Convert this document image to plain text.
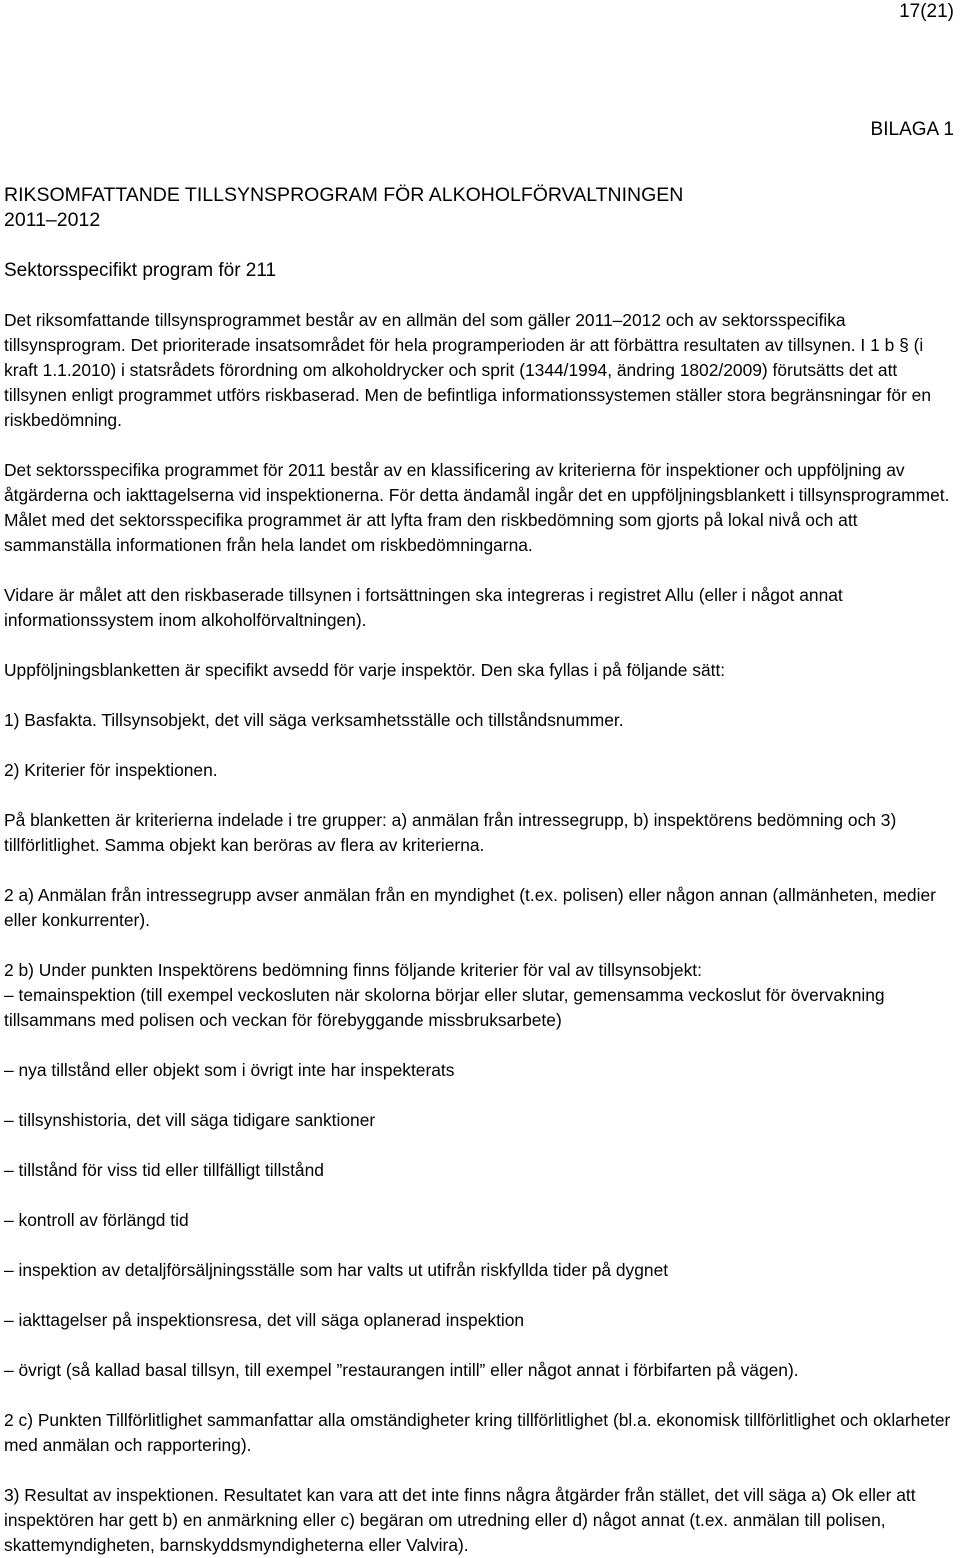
17(21)

BILAGA 1

RIKSOMFATTANDE TILLSYNSPROGRAM FÖR ALKOHOLFÖRVALTNINGEN
2011–2012
Sektorsspecifikt program för 211

Det riksomfattande tillsynsprogrammet består av en allmän del som gäller 2011–2012 och av sektorsspecifika tillsynsprogram. Det prioriterade insatsområdet för hela programperioden är att förbättra resultaten av tillsynen. I 1 b § (i kraft 1.1.2010) i statsrådets förordning om alkoholdrycker och sprit (1344/1994, ändring 1802/2009) förutsätts det att tillsynen enligt programmet utförs riskbaserad. Men de befintliga informationssystemen ställer stora begränsningar för en riskbedömning.

Det sektorsspecifika programmet för 2011 består av en klassificering av kriterierna för inspektioner och uppföljning av åtgärderna och iakttagelserna vid inspektionerna. För detta ändamål ingår det en uppföljningsblankett i tillsynsprogrammet. Målet med det sektorsspecifika programmet är att lyfta fram den riskbedömning som gjorts på lokal nivå och att sammanställa informationen från hela landet om riskbedömningarna.

Vidare är målet att den riskbaserade tillsynen i fortsättningen ska integreras i registret Allu (eller i något annat informationssystem inom alkoholförvaltningen).

Uppföljningsblanketten är specifikt avsedd för varje inspektör. Den ska fyllas i på följande sätt:

1) Basfakta. Tillsynsobjekt, det vill säga verksamhetsställe och tillståndsnummer.

2) Kriterier för inspektionen.

På blanketten är kriterierna indelade i tre grupper: a) anmälan från intressegrupp, b) inspektörens bedömning och 3) tillförlitlighet. Samma objekt kan beröras av flera av kriterierna.

2 a) Anmälan från intressegrupp avser anmälan från en myndighet (t.ex. polisen) eller någon annan (allmänheten, medier eller konkurrenter).

2 b) Under punkten Inspektörens bedömning finns följande kriterier för val av tillsynsobjekt:

– temainspektion (till exempel veckosluten när skolorna börjar eller slutar, gemensamma veckoslut för övervakning tillsammans med polisen och veckan för förebyggande missbruksarbete)

– nya tillstånd eller objekt som i övrigt inte har inspekterats

– tillsynshistoria, det vill säga tidigare sanktioner

– tillstånd för viss tid eller tillfälligt tillstånd

– kontroll av förlängd tid

– inspektion av detaljförsäljningsställe som har valts ut utifrån riskfyllda tider på dygnet

– iakttagelser på inspektionsresa, det vill säga oplanerad inspektion

– övrigt (så kallad basal tillsyn, till exempel ”restaurangen intill” eller något annat i förbifarten på vägen).

2 c) Punkten Tillförlitlighet sammanfattar alla omständigheter kring tillförlitlighet (bl.a. ekonomisk tillförlitlighet och oklarheter med anmälan och rapportering).

3) Resultat av inspektionen. Resultatet kan vara att det inte finns några åtgärder från stället, det vill säga a) Ok eller att inspektören har gett b) en anmärkning eller c) begäran om utredning eller d) något annat (t.ex. anmälan till polisen, skattemyndigheten, barnskyddsmyndigheterna eller Valvira).
